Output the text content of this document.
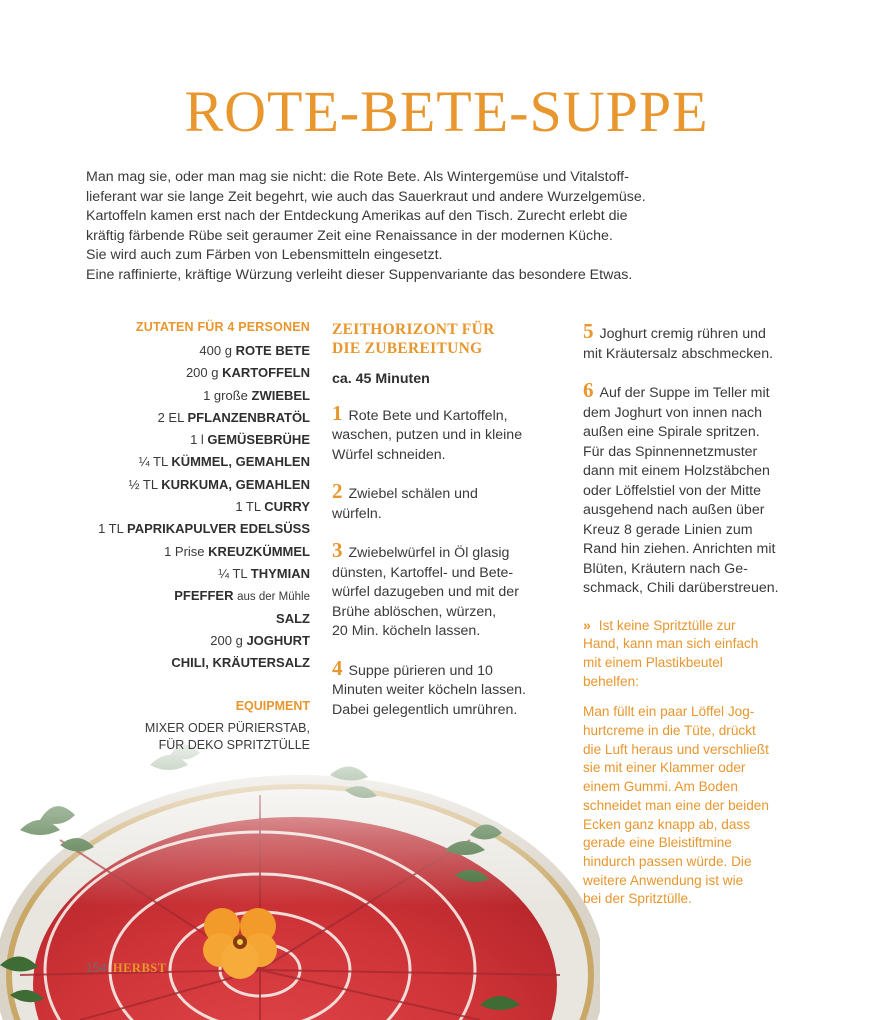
ROTE-BETE-SUPPE
Man mag sie, oder man mag sie nicht: die Rote Bete. Als Wintergemüse und Vitalstoff-
lieferant war sie lange Zeit begehrt, wie auch das Sauerkraut und andere Wurzelgemüse.
Kartoffeln kamen erst nach der Entdeckung Amerikas auf den Tisch. Zurecht erlebt die
kräftig färbende Rübe seit geraumer Zeit eine Renaissance in der modernen Küche.
Sie wird auch zum Färben von Lebensmitteln eingesetzt.
Eine raffinierte, kräftige Würzung verleiht dieser Suppenvariante das besondere Etwas.
ZUTATEN FÜR 4 PERSONEN
400 g ROTE BETE
200 g KARTOFFELN
1 große ZWIEBEL
2 EL PFLANZENBRATÖL
1 l GEMÜSEBRÜHE
¼ TL KÜMMEL, GEMAHLEN
½ TL KURKUMA, GEMAHLEN
1 TL CURRY
1 TL PAPRIKAPULVER EDELSÜSS
1 Prise KREUZKÜMMEL
¼ TL THYMIAN
PFEFFER aus der Mühle
SALZ
200 g JOGHURT
CHILI, KRÄUTERSALZ
EQUIPMENT
MIXER ODER PÜRIERSTAB,
FÜR DEKO SPRITZTÜLLE
ZEITHORIZONT FÜR
DIE ZUBEREITUNG
ca. 45 Minuten
1 Rote Bete und Kartoffeln,
waschen, putzen und in kleine
Würfel schneiden.
2 Zwiebel schälen und
würfeln.
3 Zwiebelwürfel in Öl glasig
dünsten, Kartoffel- und Bete-
würfel dazugeben und mit der
Brühe ablöschen, würzen,
20 Min. köcheln lassen.
4 Suppe pürieren und 10
Minuten weiter köcheln lassen.
Dabei gelegentlich umrühren.
5 Joghurt cremig rühren und
mit Kräutersalz abschmecken.
6 Auf der Suppe im Teller mit
dem Joghurt von innen nach
außen eine Spirale spritzen.
Für das Spinnennetzmuster
dann mit einem Holzstäbchen
oder Löffelstiel von der Mitte
ausgehend nach außen über
Kreuz 8 gerade Linien zum
Rand hin ziehen. Anrichten mit
Blüten, Kräutern nach Ge-
schmack, Chili darüberstreuen.
» Ist keine Spritztülle zur
Hand, kann man sich einfach
mit einem Plastikbeutel
behelfen:
Man füllt ein paar Löffel Jog-
hurtcreme in die Tüte, drückt
die Luft heraus und verschließt
sie mit einer Klammer oder
einem Gummi. Am Boden
schneidet man eine der beiden
Ecken ganz knapp ab, dass
gerade eine Bleistiftmine
hindurch passen würde. Die
weitere Anwendung ist wie
bei der Spritztülle.
154 HERBST
